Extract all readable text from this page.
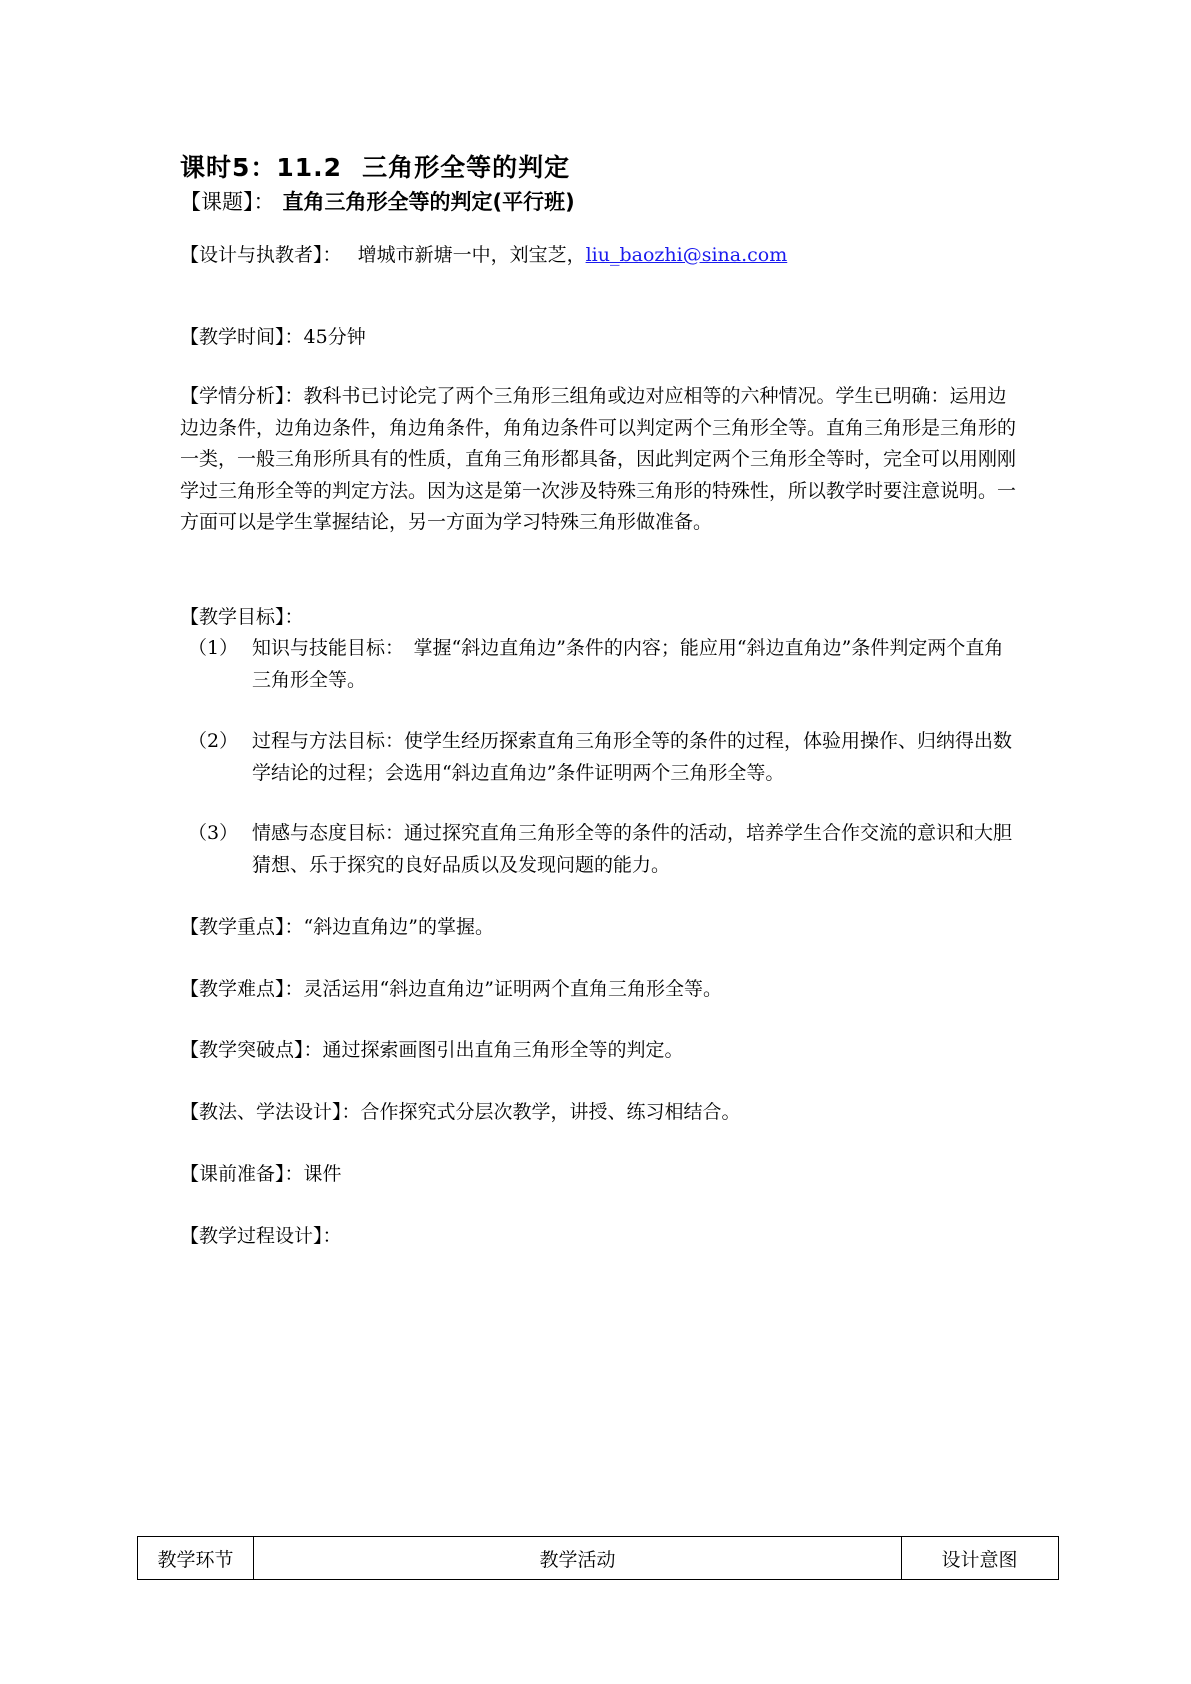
课时5：11.2 三角形全等的判定
【课题】： 直角三角形全等的判定(平行班)
【设计与执教者】： 增城市新塘一中，刘宝芝，liu_baozhi@sina.com
【教学时间】：45分钟
【学情分析】：教科书已讨论完了两个三角形三组角或边对应相等的六种情况。学生已明确：运用边边边条件，边角边条件，角边角条件，角角边条件可以判定两个三角形全等。直角三角形是三角形的一类，一般三角形所具有的性质，直角三角形都具备，因此判定两个三角形全等时，完全可以用刚刚学过三角形全等的判定方法。因为这是第一次涉及特殊三角形的特殊性，所以教学时要注意说明。一方面可以是学生掌握结论，另一方面为学习特殊三角形做准备。
【教学目标】：
（1） 知识与技能目标：　掌握“斜边直角边”条件的内容；能应用“斜边直角边”条件判定两个直角三角形全等。
（2） 过程与方法目标：使学生经历探索直角三角形全等的条件的过程，体验用操作、归纳得出数学结论的过程；会选用“斜边直角边”条件证明两个三角形全等。
（3） 情感与态度目标：通过探究直角三角形全等的条件的活动，培养学生合作交流的意识和大胆猜想、乐于探究的良好品质以及发现问题的能力。
【教学重点】：“斜边直角边”的掌握。
【教学难点】：灵活运用“斜边直角边”证明两个直角三角形全等。
【教学突破点】：通过探索画图引出直角三角形全等的判定。
【教法、学法设计】：合作探究式分层次教学，讲授、练习相结合。
【课前准备】：课件
【教学过程设计】：
教学环节	教学活动	设计意图
